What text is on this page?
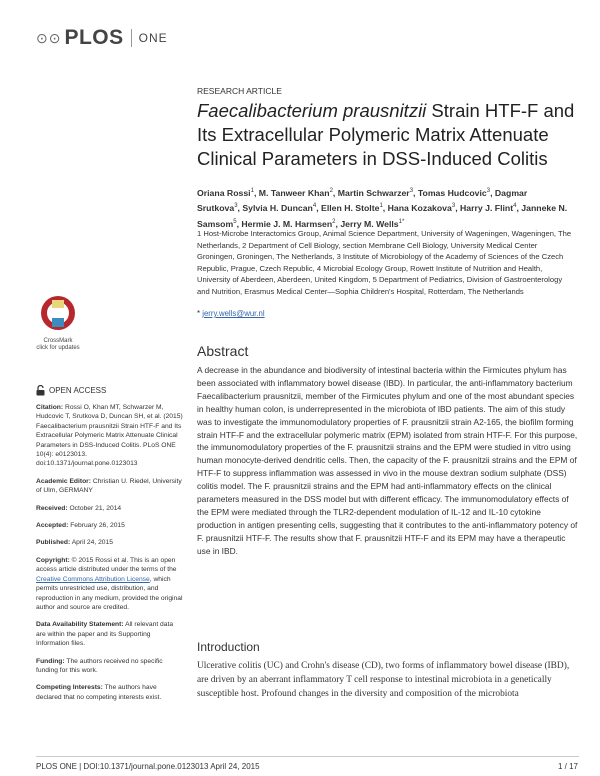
⊙⊙ PLOS ONE
RESEARCH ARTICLE
Faecalibacterium prausnitzii Strain HTF-F and Its Extracellular Polymeric Matrix Attenuate Clinical Parameters in DSS-Induced Colitis
Oriana Rossi$^1$, M. Tanweer Khan$^2$, Martin Schwarzer$^3$, Tomas Hudcovic$^3$, Dagmar Srutkova$^3$, Sylvia H. Duncan$^4$, Ellen H. Stolte$^1$, Hana Kozakova$^3$, Harry J. Flint$^4$, Janneke N. Samsom$^5$, Hermie J. M. Harmsen$^2$, Jerry M. Wells$^{1*}$
1 Host-Microbe Interactomics Group, Animal Science Department, University of Wageningen, Wageningen, The Netherlands, 2 Department of Cell Biology, section Membrane Cell Biology, University Medical Center Groningen, Groningen, The Netherlands, 3 Institute of Microbiology of the Academy of Sciences of the Czech Republic, Prague, Czech Republic, 4 Microbial Ecology Group, Rowett Institute of Nutrition and Health, University of Aberdeen, Aberdeen, United Kingdom, 5 Department of Pediatrics, Division of Gastroenterology and Nutrition, Erasmus Medical Center—Sophia Children's Hospital, Rotterdam, The Netherlands
* jerry.wells@wur.nl
CrossMark
click for updates
OPEN ACCESS

Citation: Rossi O, Khan MT, Schwarzer M, Hudcovic T, Srutkova D, Duncan SH, et al. (2015) Faecalibacterium prausnitzii Strain HTF-F and Its Extracellular Polymeric Matrix Attenuate Clinical Parameters in DSS-Induced Colitis. PLoS ONE 10(4): e0123013. doi:10.1371/journal.pone.0123013

Academic Editor: Christian U. Riedel, University of Ulm, GERMANY

Received: October 21, 2014

Accepted: February 26, 2015

Published: April 24, 2015

Copyright: © 2015 Rossi et al. This is an open access article distributed under the terms of the Creative Commons Attribution License, which permits unrestricted use, distribution, and reproduction in any medium, provided the original author and source are credited.

Data Availability Statement: All relevant data are within the paper and its Supporting Information files.

Funding: The authors received no specific funding for this work.

Competing Interests: The authors have declared that no competing interests exist.

Abstract
A decrease in the abundance and biodiversity of intestinal bacteria within the Firmicutes phylum has been associated with inflammatory bowel disease (IBD). In particular, the anti-inflammatory bacterium Faecalibacterium prausnitzii, member of the Firmicutes phylum and one of the most abundant species in healthy human colon, is underrepresented in the microbiota of IBD patients. The aim of this study was to investigate the immunomodulatory properties of F. prausnitzii strain A2-165, the biofilm forming strain HTF-F and the extracellular polymeric matrix (EPM) isolated from strain HTF-F. For this purpose, the immunomodulatory properties of the F. prausnitzii strains and the EPM were studied in vitro using human monocyte-derived dendritic cells. Then, the capacity of the F. prausnitzii strains and the EPM of HTF-F to suppress inflammation was assessed in vivo in the mouse dextran sodium sulphate (DSS) colitis model. The F. prausnitzii strains and the EPM had anti-inflammatory effects on the clinical parameters measured in the DSS model but with different efficacy. The immunomodulatory effects of the EPM were mediated through the TLR2-dependent modulation of IL-12 and IL-10 cytokine production in antigen presenting cells, suggesting that it contributes to the anti-inflammatory potency of F. prausnitzii HTF-F. The results show that F. prausnitzii HTF-F and its EPM may have a therapeutic use in IBD.
Introduction
Ulcerative colitis (UC) and Crohn's disease (CD), two forms of inflammatory bowel disease (IBD), are driven by an aberrant inflammatory T cell response to intestinal microbiota in a genetically susceptible host. Profound changes in the diversity and composition of the microbiota
PLOS ONE | DOI:10.1371/journal.pone.0123013 April 24, 2015	1 / 17
